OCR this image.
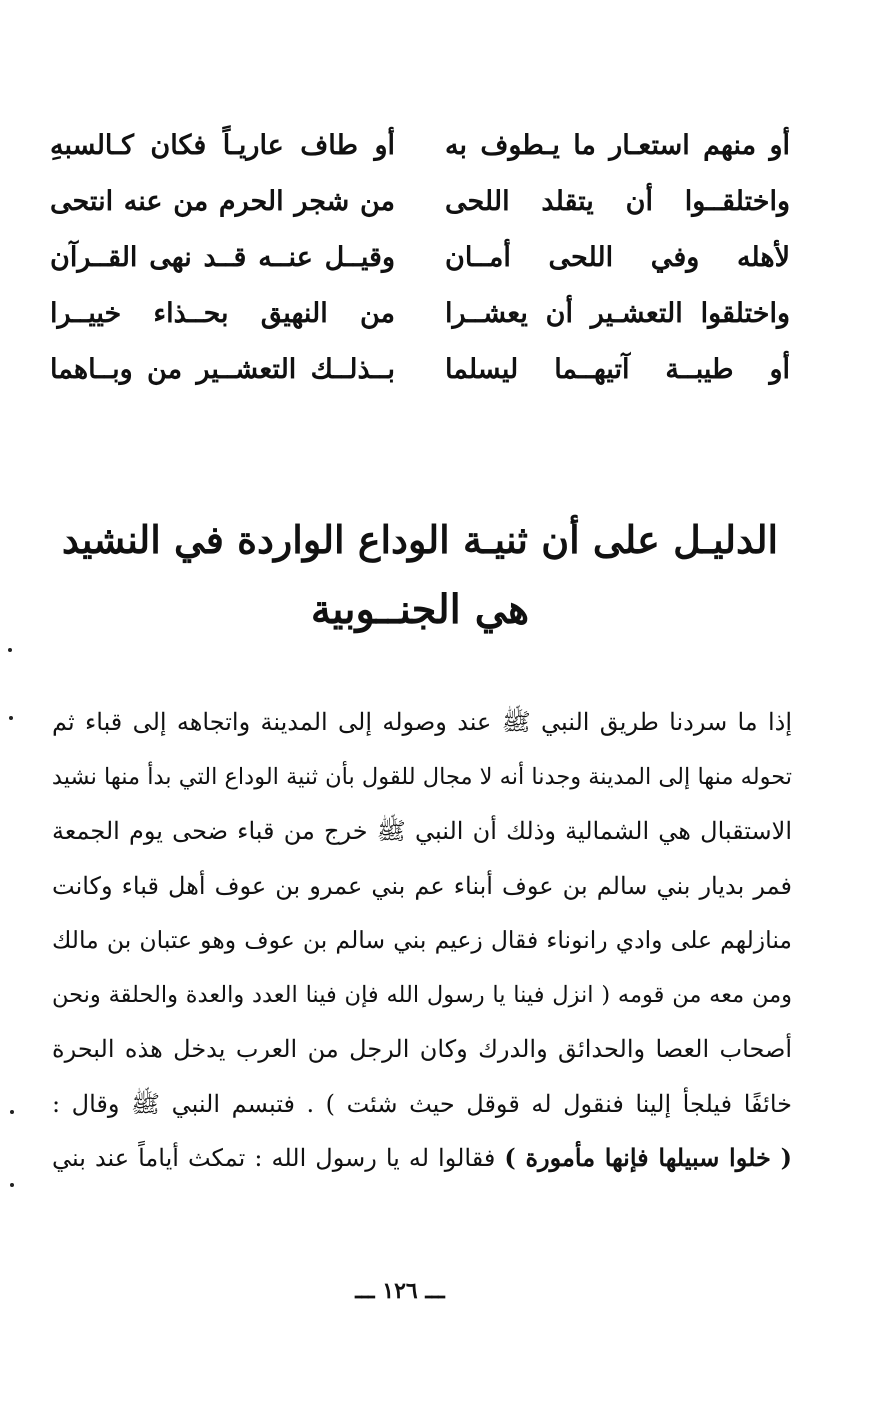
أو منهم استعـار ما يـطوف به
أو طاف عاريـاً فكان كـالسبهِ
واختلقــوا أن يتقلد اللحى
من شجر الحرم من عنه انتحى
لأهله وفي اللحى أمــان
وقيــل عنــه قــد نهى القــرآن
واختلقوا التعشـير أن يعشــرا
من النهيق بحــذاء خييــرا
أو طيبــة آتيهــما ليسلما
بــذلــك التعشــير من وبــاهما
الدليـل على أن ثنيـة الوداع الواردة في النشيد
هي الجنــوبية
إذا ما سردنا طريق النبي ﷺ عند وصوله إلى المدينة واتجاهه إلى قباء ثم
تحوله منها إلى المدينة وجدنا أنه لا مجال للقول بأن ثنية الوداع التي بدأ منها نشيد
الاستقبال هي الشمالية وذلك أن النبي ﷺ خرج من قباء ضحى يوم الجمعة
فمر بديار بني سالم بن عوف أبناء عم بني عمرو بن عوف أهل قباء وكانت
منازلهم على وادي رانوناء فقال زعيم بني سالم بن عوف وهو عتبان بن مالك
ومن معه من قومه ( انزل فينا يا رسول الله فإن فينا العدد والعدة والحلقة ونحن
أصحاب العصا والحدائق والدرك وكان الرجل من العرب يدخل هذه البحرة
خائفًا فيلجأ إلينا فنقول له قوقل حيث شئت ) . فتبسم النبي ﷺ وقال :
( خلوا سبيلها فإنها مأمورة ) فقالوا له يا رسول الله : تمكث أياماً عند بني
ـــ ١٢٦ ـــ
